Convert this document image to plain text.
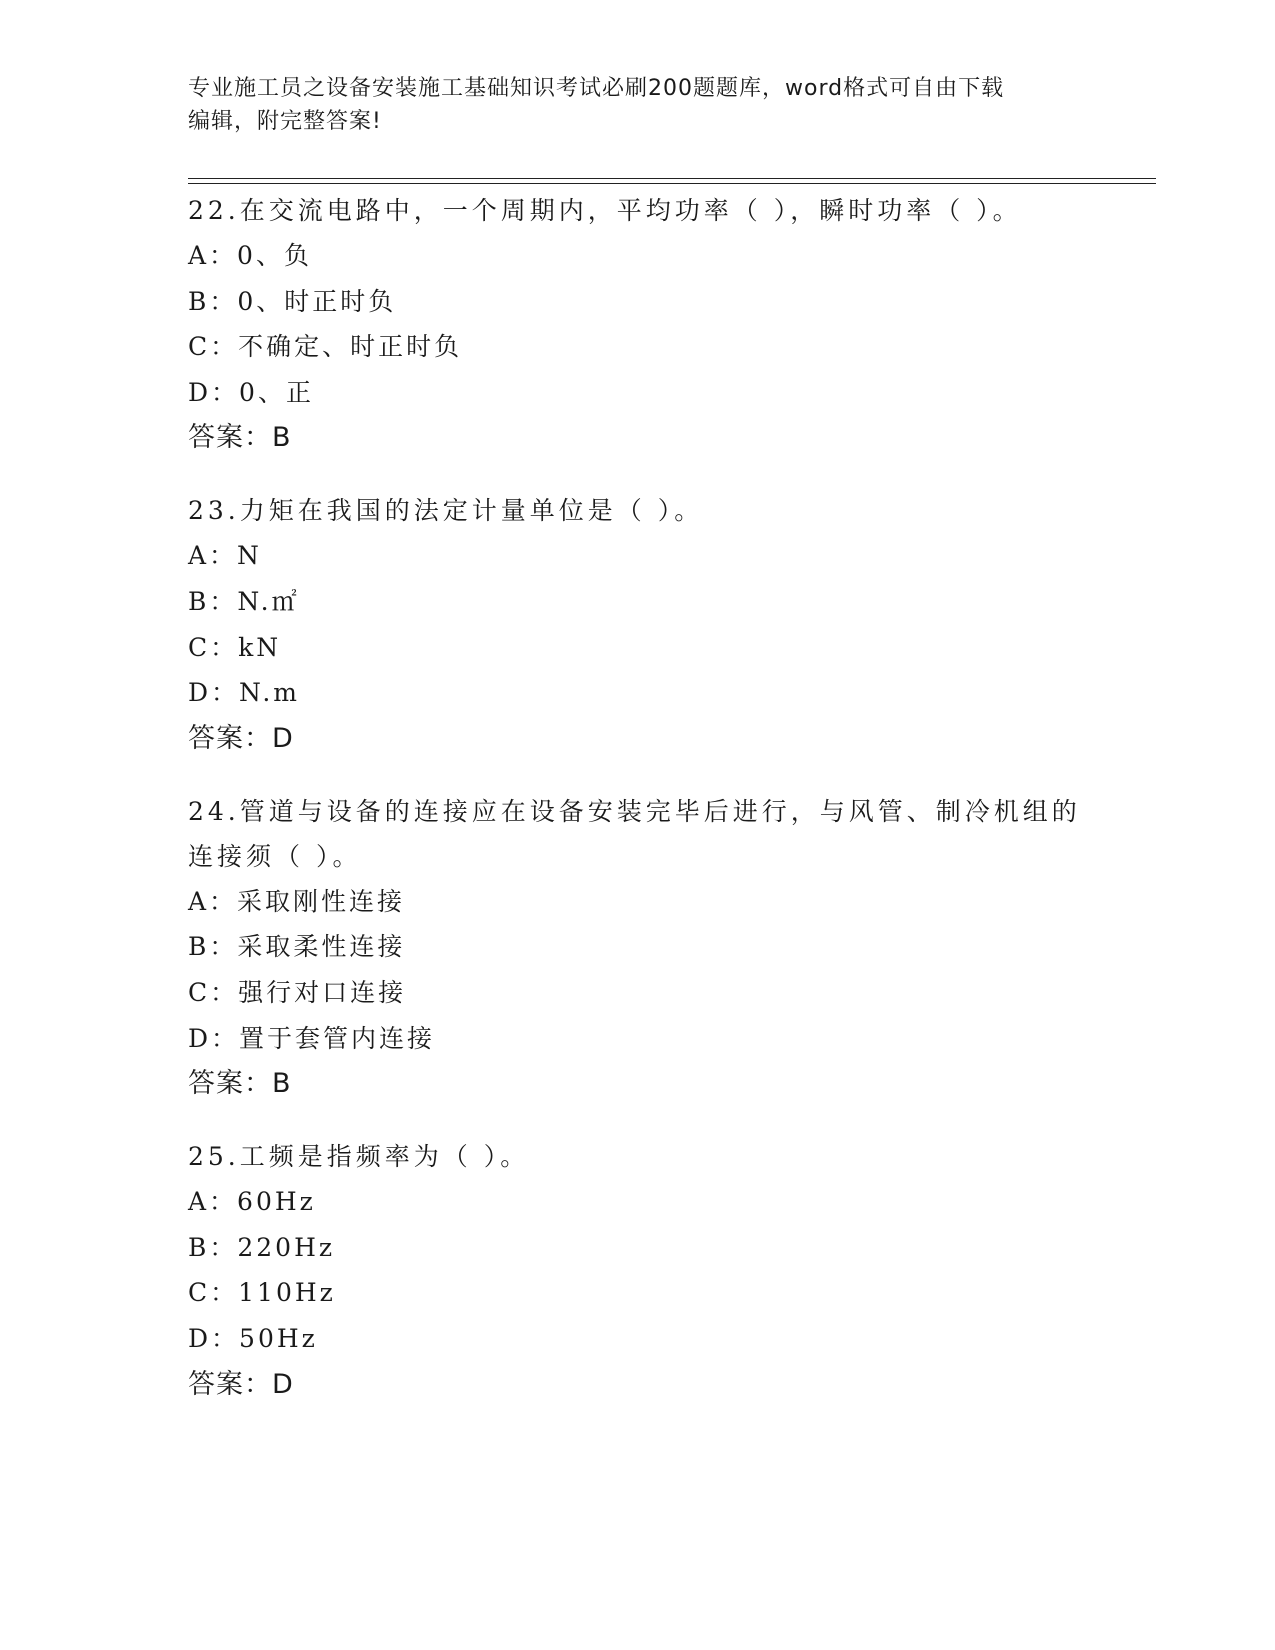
专业施工员之设备安装施工基础知识考试必刷200题题库，word格式可自由下载
编辑，附完整答案!

22.在交流电路中，一个周期内，平均功率（ ），瞬时功率（ ）。

A：0、负

B：0、时正时负

C：不确定、时正时负

D：0、正

答案：B

23.力矩在我国的法定计量单位是（ ）。

A：N

B：N.㎡

C：kN

D：N.m

答案：D

24.管道与设备的连接应在设备安装完毕后进行，与风管、制冷机组的

连接须（ ）。

A：采取刚性连接

B：采取柔性连接

C：强行对口连接

D：置于套管内连接

答案：B

25.工频是指频率为（ ）。

A：60Hz

B：220Hz

C：110Hz

D：50Hz

答案：D
